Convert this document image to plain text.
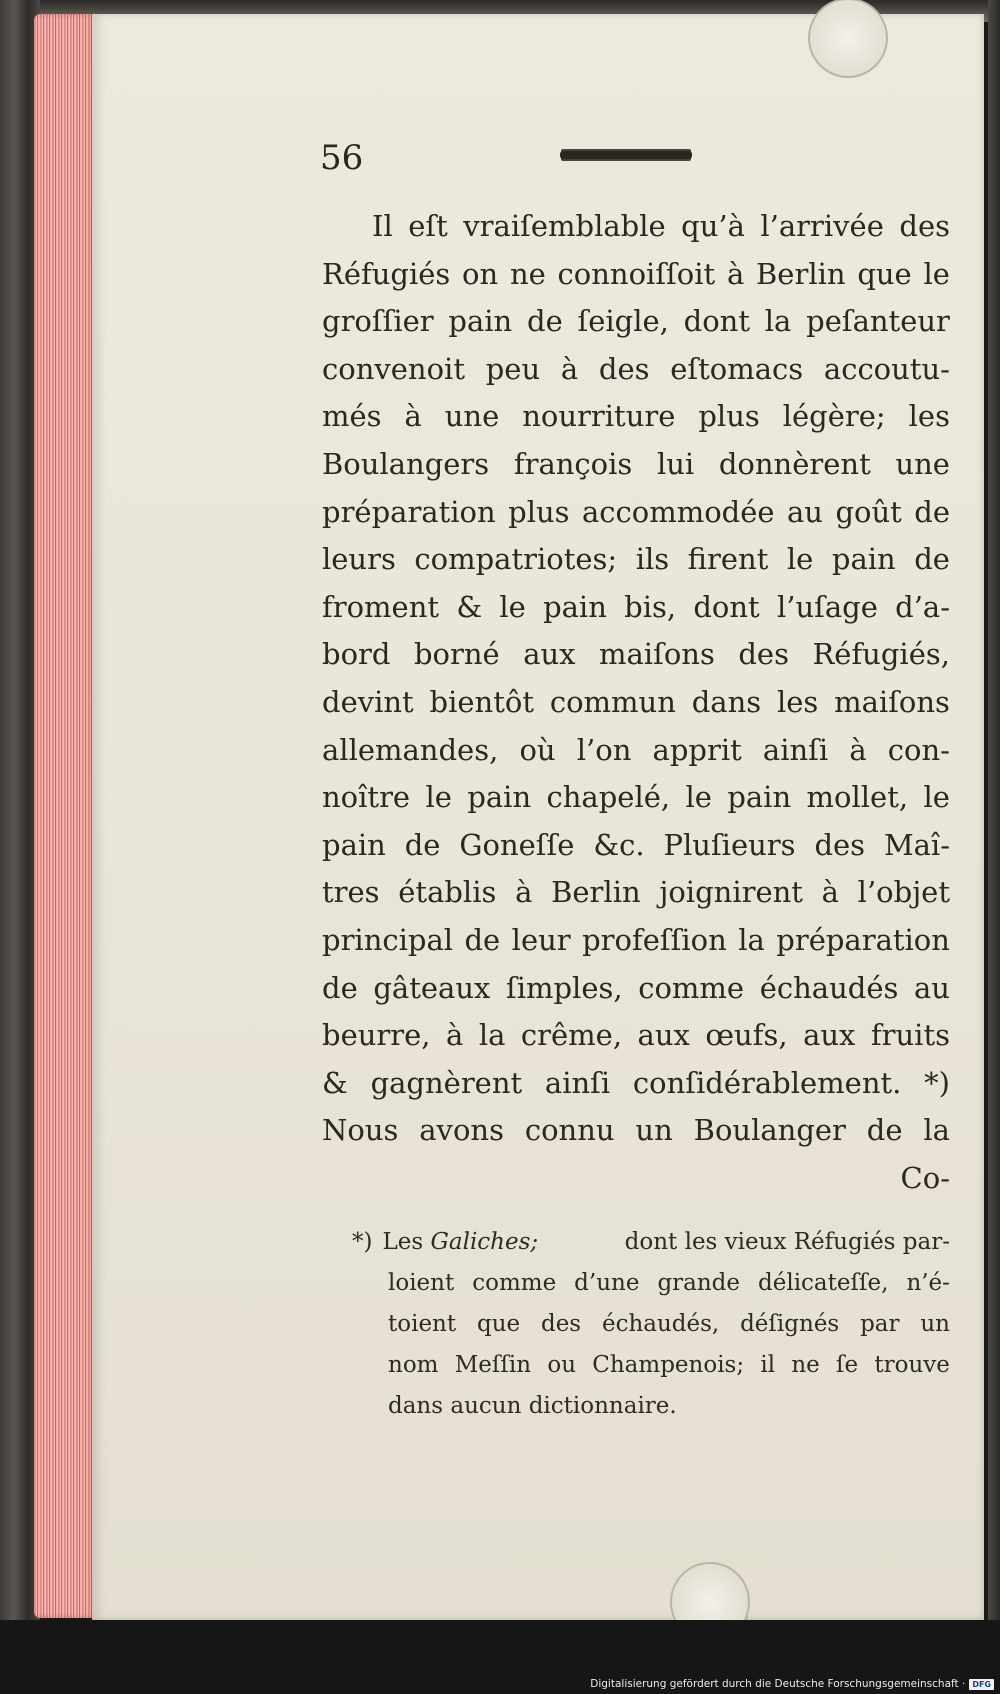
56
Il eſt vraiſemblable qu’à l’arrivée des
Réfugiés on ne connoiſſoit à Berlin que le
groſſier pain de ſeigle, dont la peſanteur
convenoit peu à des eſtomacs accoutu-
més à une nourriture plus légère; les
Boulangers françois lui donnèrent une
préparation plus accommodée au goût de
leurs compatriotes; ils firent le pain de
froment & le pain bis, dont l’uſage d’a-
bord borné aux maiſons des Réfugiés,
devint bientôt commun dans les maiſons
allemandes, où l’on apprit ainſi à con-
noître le pain chapelé, le pain mollet, le
pain de Goneſſe &c. Pluſieurs des Maî-
tres établis à Berlin joignirent à l’objet
principal de leur profeſſion la préparation
de gâteaux ſimples, comme échaudés au
beurre, à la crême, aux œufs, aux fruits
& gagnèrent ainſi conſidérablement. *)
Nous avons connu un Boulanger de la
Co-
*) Les Galiches;	dont les vieux Réfugiés par-
loient comme d’une grande délicateſſe, n’é-
toient que des échaudés, déſignés par un
nom Meſſin ou Champenois; il ne ſe trouve
dans aucun dictionnaire.
Digitalisierung gefördert durch die Deutsche Forschungsgemeinschaft · DFG
